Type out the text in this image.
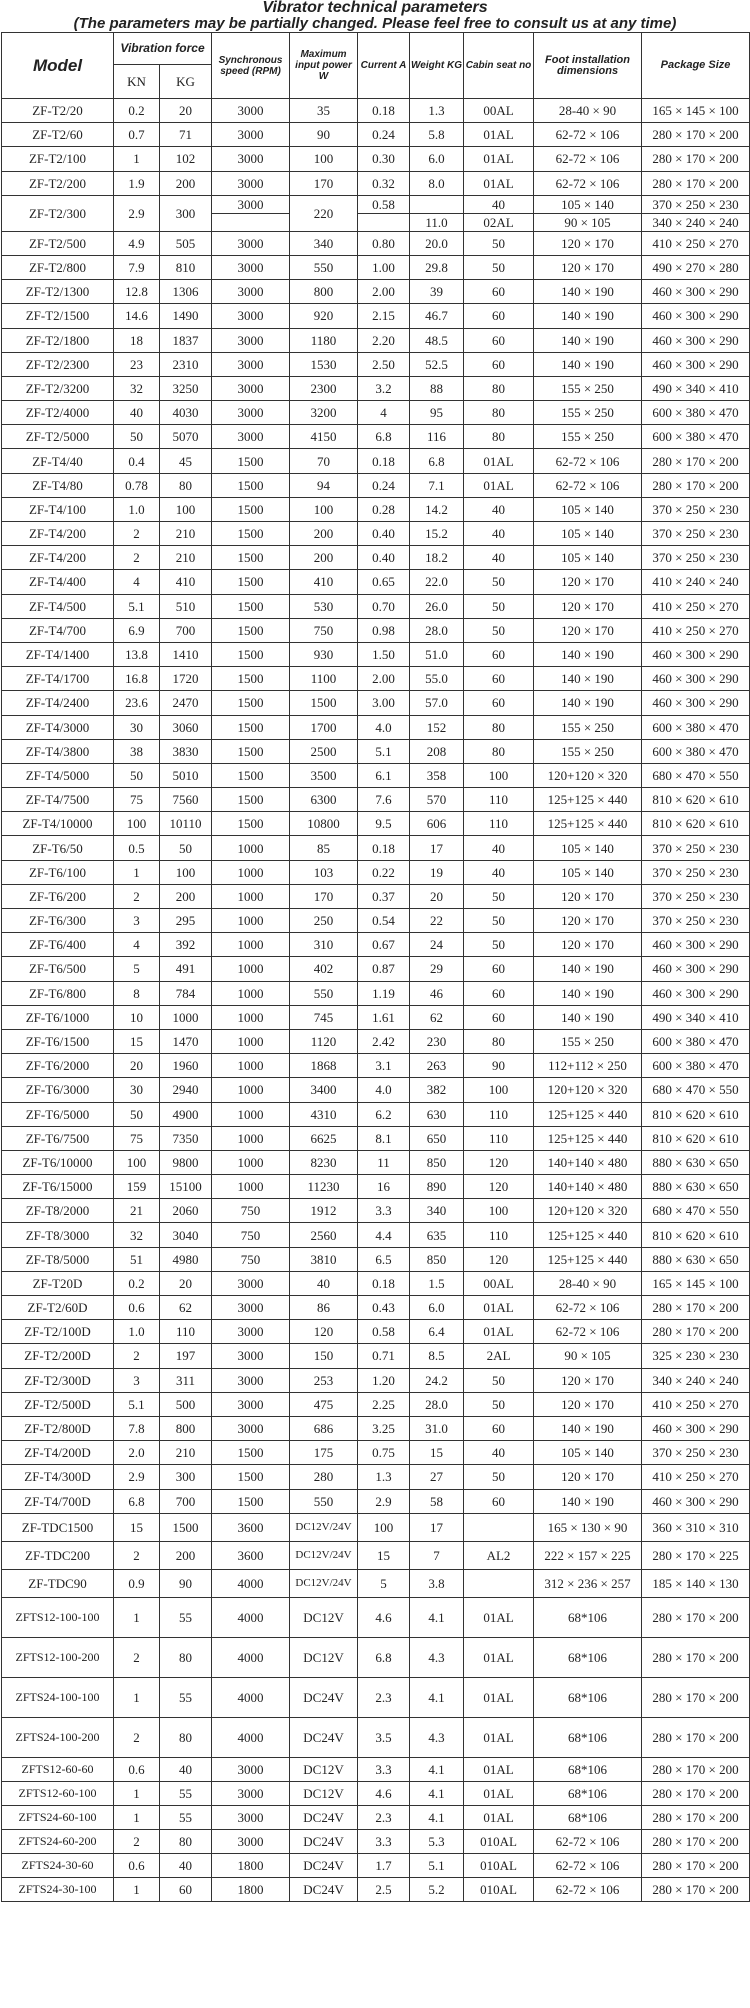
Vibrator technical parameters
(The parameters may be partially changed. Please feel free to consult us at any time)
Model	Vibration force		Synchronous speed (RPM)	Maximum input power W	Current A	Weight KG	Cabin seat no	Foot installation dimensions	Package Size
	KN	KG							
ZF-T2/20	0.2	20	3000	35	0.18	1.3	00AL	28-40 × 90	165 × 145 × 100
ZF-T2/60	0.7	71	3000	90	0.24	5.8	01AL	62-72 × 106	280 × 170 × 200
ZF-T2/100	1	102	3000	100	0.30	6.0	01AL	62-72 × 106	280 × 170 × 200
ZF-T2/200	1.9	200	3000	170	0.32	8.0	01AL	62-72 × 106	280 × 170 × 200
ZF-T2/300	2.9	300	3000	220	0.58		40	105 × 140	370 × 250 × 230
						11.0	02AL	90 × 105	340 × 240 × 240
ZF-T2/500	4.9	505	3000	340	0.80	20.0	50	120 × 170	410 × 250 × 270
ZF-T2/800	7.9	810	3000	550	1.00	29.8	50	120 × 170	490 × 270 × 280
ZF-T2/1300	12.8	1306	3000	800	2.00	39	60	140 × 190	460 × 300 × 290
ZF-T2/1500	14.6	1490	3000	920	2.15	46.7	60	140 × 190	460 × 300 × 290
ZF-T2/1800	18	1837	3000	1180	2.20	48.5	60	140 × 190	460 × 300 × 290
ZF-T2/2300	23	2310	3000	1530	2.50	52.5	60	140 × 190	460 × 300 × 290
ZF-T2/3200	32	3250	3000	2300	3.2	88	80	155 × 250	490 × 340 × 410
ZF-T2/4000	40	4030	3000	3200	4	95	80	155 × 250	600 × 380 × 470
ZF-T2/5000	50	5070	3000	4150	6.8	116	80	155 × 250	600 × 380 × 470
ZF-T4/40	0.4	45	1500	70	0.18	6.8	01AL	62-72 × 106	280 × 170 × 200
ZF-T4/80	0.78	80	1500	94	0.24	7.1	01AL	62-72 × 106	280 × 170 × 200
ZF-T4/100	1.0	100	1500	100	0.28	14.2	40	105 × 140	370 × 250 × 230
ZF-T4/200	2	210	1500	200	0.40	15.2	40	105 × 140	370 × 250 × 230
ZF-T4/200	2	210	1500	200	0.40	18.2	40	105 × 140	370 × 250 × 230
ZF-T4/400	4	410	1500	410	0.65	22.0	50	120 × 170	410 × 240 × 240
ZF-T4/500	5.1	510	1500	530	0.70	26.0	50	120 × 170	410 × 250 × 270
ZF-T4/700	6.9	700	1500	750	0.98	28.0	50	120 × 170	410 × 250 × 270
ZF-T4/1400	13.8	1410	1500	930	1.50	51.0	60	140 × 190	460 × 300 × 290
ZF-T4/1700	16.8	1720	1500	1100	2.00	55.0	60	140 × 190	460 × 300 × 290
ZF-T4/2400	23.6	2470	1500	1500	3.00	57.0	60	140 × 190	460 × 300 × 290
ZF-T4/3000	30	3060	1500	1700	4.0	152	80	155 × 250	600 × 380 × 470
ZF-T4/3800	38	3830	1500	2500	5.1	208	80	155 × 250	600 × 380 × 470
ZF-T4/5000	50	5010	1500	3500	6.1	358	100	120+120 × 320	680 × 470 × 550
ZF-T4/7500	75	7560	1500	6300	7.6	570	110	125+125 × 440	810 × 620 × 610
ZF-T4/10000	100	10110	1500	10800	9.5	606	110	125+125 × 440	810 × 620 × 610
ZF-T6/50	0.5	50	1000	85	0.18	17	40	105 × 140	370 × 250 × 230
ZF-T6/100	1	100	1000	103	0.22	19	40	105 × 140	370 × 250 × 230
ZF-T6/200	2	200	1000	170	0.37	20	50	120 × 170	370 × 250 × 230
ZF-T6/300	3	295	1000	250	0.54	22	50	120 × 170	370 × 250 × 230
ZF-T6/400	4	392	1000	310	0.67	24	50	120 × 170	460 × 300 × 290
ZF-T6/500	5	491	1000	402	0.87	29	60	140 × 190	460 × 300 × 290
ZF-T6/800	8	784	1000	550	1.19	46	60	140 × 190	460 × 300 × 290
ZF-T6/1000	10	1000	1000	745	1.61	62	60	140 × 190	490 × 340 × 410
ZF-T6/1500	15	1470	1000	1120	2.42	230	80	155 × 250	600 × 380 × 470
ZF-T6/2000	20	1960	1000	1868	3.1	263	90	112+112 × 250	600 × 380 × 470
ZF-T6/3000	30	2940	1000	3400	4.0	382	100	120+120 × 320	680 × 470 × 550
ZF-T6/5000	50	4900	1000	4310	6.2	630	110	125+125 × 440	810 × 620 × 610
ZF-T6/7500	75	7350	1000	6625	8.1	650	110	125+125 × 440	810 × 620 × 610
ZF-T6/10000	100	9800	1000	8230	11	850	120	140+140 × 480	880 × 630 × 650
ZF-T6/15000	159	15100	1000	11230	16	890	120	140+140 × 480	880 × 630 × 650
ZF-T8/2000	21	2060	750	1912	3.3	340	100	120+120 × 320	680 × 470 × 550
ZF-T8/3000	32	3040	750	2560	4.4	635	110	125+125 × 440	810 × 620 × 610
ZF-T8/5000	51	4980	750	3810	6.5	850	120	125+125 × 440	880 × 630 × 650
ZF-T20D	0.2	20	3000	40	0.18	1.5	00AL	28-40 × 90	165 × 145 × 100
ZF-T2/60D	0.6	62	3000	86	0.43	6.0	01AL	62-72 × 106	280 × 170 × 200
ZF-T2/100D	1.0	110	3000	120	0.58	6.4	01AL	62-72 × 106	280 × 170 × 200
ZF-T2/200D	2	197	3000	150	0.71	8.5	2AL	90 × 105	325 × 230 × 230
ZF-T2/300D	3	311	3000	253	1.20	24.2	50	120 × 170	340 × 240 × 240
ZF-T2/500D	5.1	500	3000	475	2.25	28.0	50	120 × 170	410 × 250 × 270
ZF-T2/800D	7.8	800	3000	686	3.25	31.0	60	140 × 190	460 × 300 × 290
ZF-T4/200D	2.0	210	1500	175	0.75	15	40	105 × 140	370 × 250 × 230
ZF-T4/300D	2.9	300	1500	280	1.3	27	50	120 × 170	410 × 250 × 270
ZF-T4/700D	6.8	700	1500	550	2.9	58	60	140 × 190	460 × 300 × 290
ZF-TDC1500	15	1500	3600	DC12V/24V	100	17		165 × 130 × 90	360 × 310 × 310
ZF-TDC200	2	200	3600	DC12V/24V	15	7	AL2	222 × 157 × 225	280 × 170 × 225
ZF-TDC90	0.9	90	4000	DC12V/24V	5	3.8		312 × 236 × 257	185 × 140 × 130
ZFTS12-100-100	1	55	4000	DC12V	4.6	4.1	01AL	68*106	280 × 170 × 200
ZFTS12-100-200	2	80	4000	DC12V	6.8	4.3	01AL	68*106	280 × 170 × 200
ZFTS24-100-100	1	55	4000	DC24V	2.3	4.1	01AL	68*106	280 × 170 × 200
ZFTS24-100-200	2	80	4000	DC24V	3.5	4.3	01AL	68*106	280 × 170 × 200
ZFTS12-60-60	0.6	40	3000	DC12V	3.3	4.1	01AL	68*106	280 × 170 × 200
ZFTS12-60-100	1	55	3000	DC12V	4.6	4.1	01AL	68*106	280 × 170 × 200
ZFTS24-60-100	1	55	3000	DC24V	2.3	4.1	01AL	68*106	280 × 170 × 200
ZFTS24-60-200	2	80	3000	DC24V	3.3	5.3	010AL	62-72 × 106	280 × 170 × 200
ZFTS24-30-60	0.6	40	1800	DC24V	1.7	5.1	010AL	62-72 × 106	280 × 170 × 200
ZFTS24-30-100	1	60	1800	DC24V	2.5	5.2	010AL	62-72 × 106	280 × 170 × 200
